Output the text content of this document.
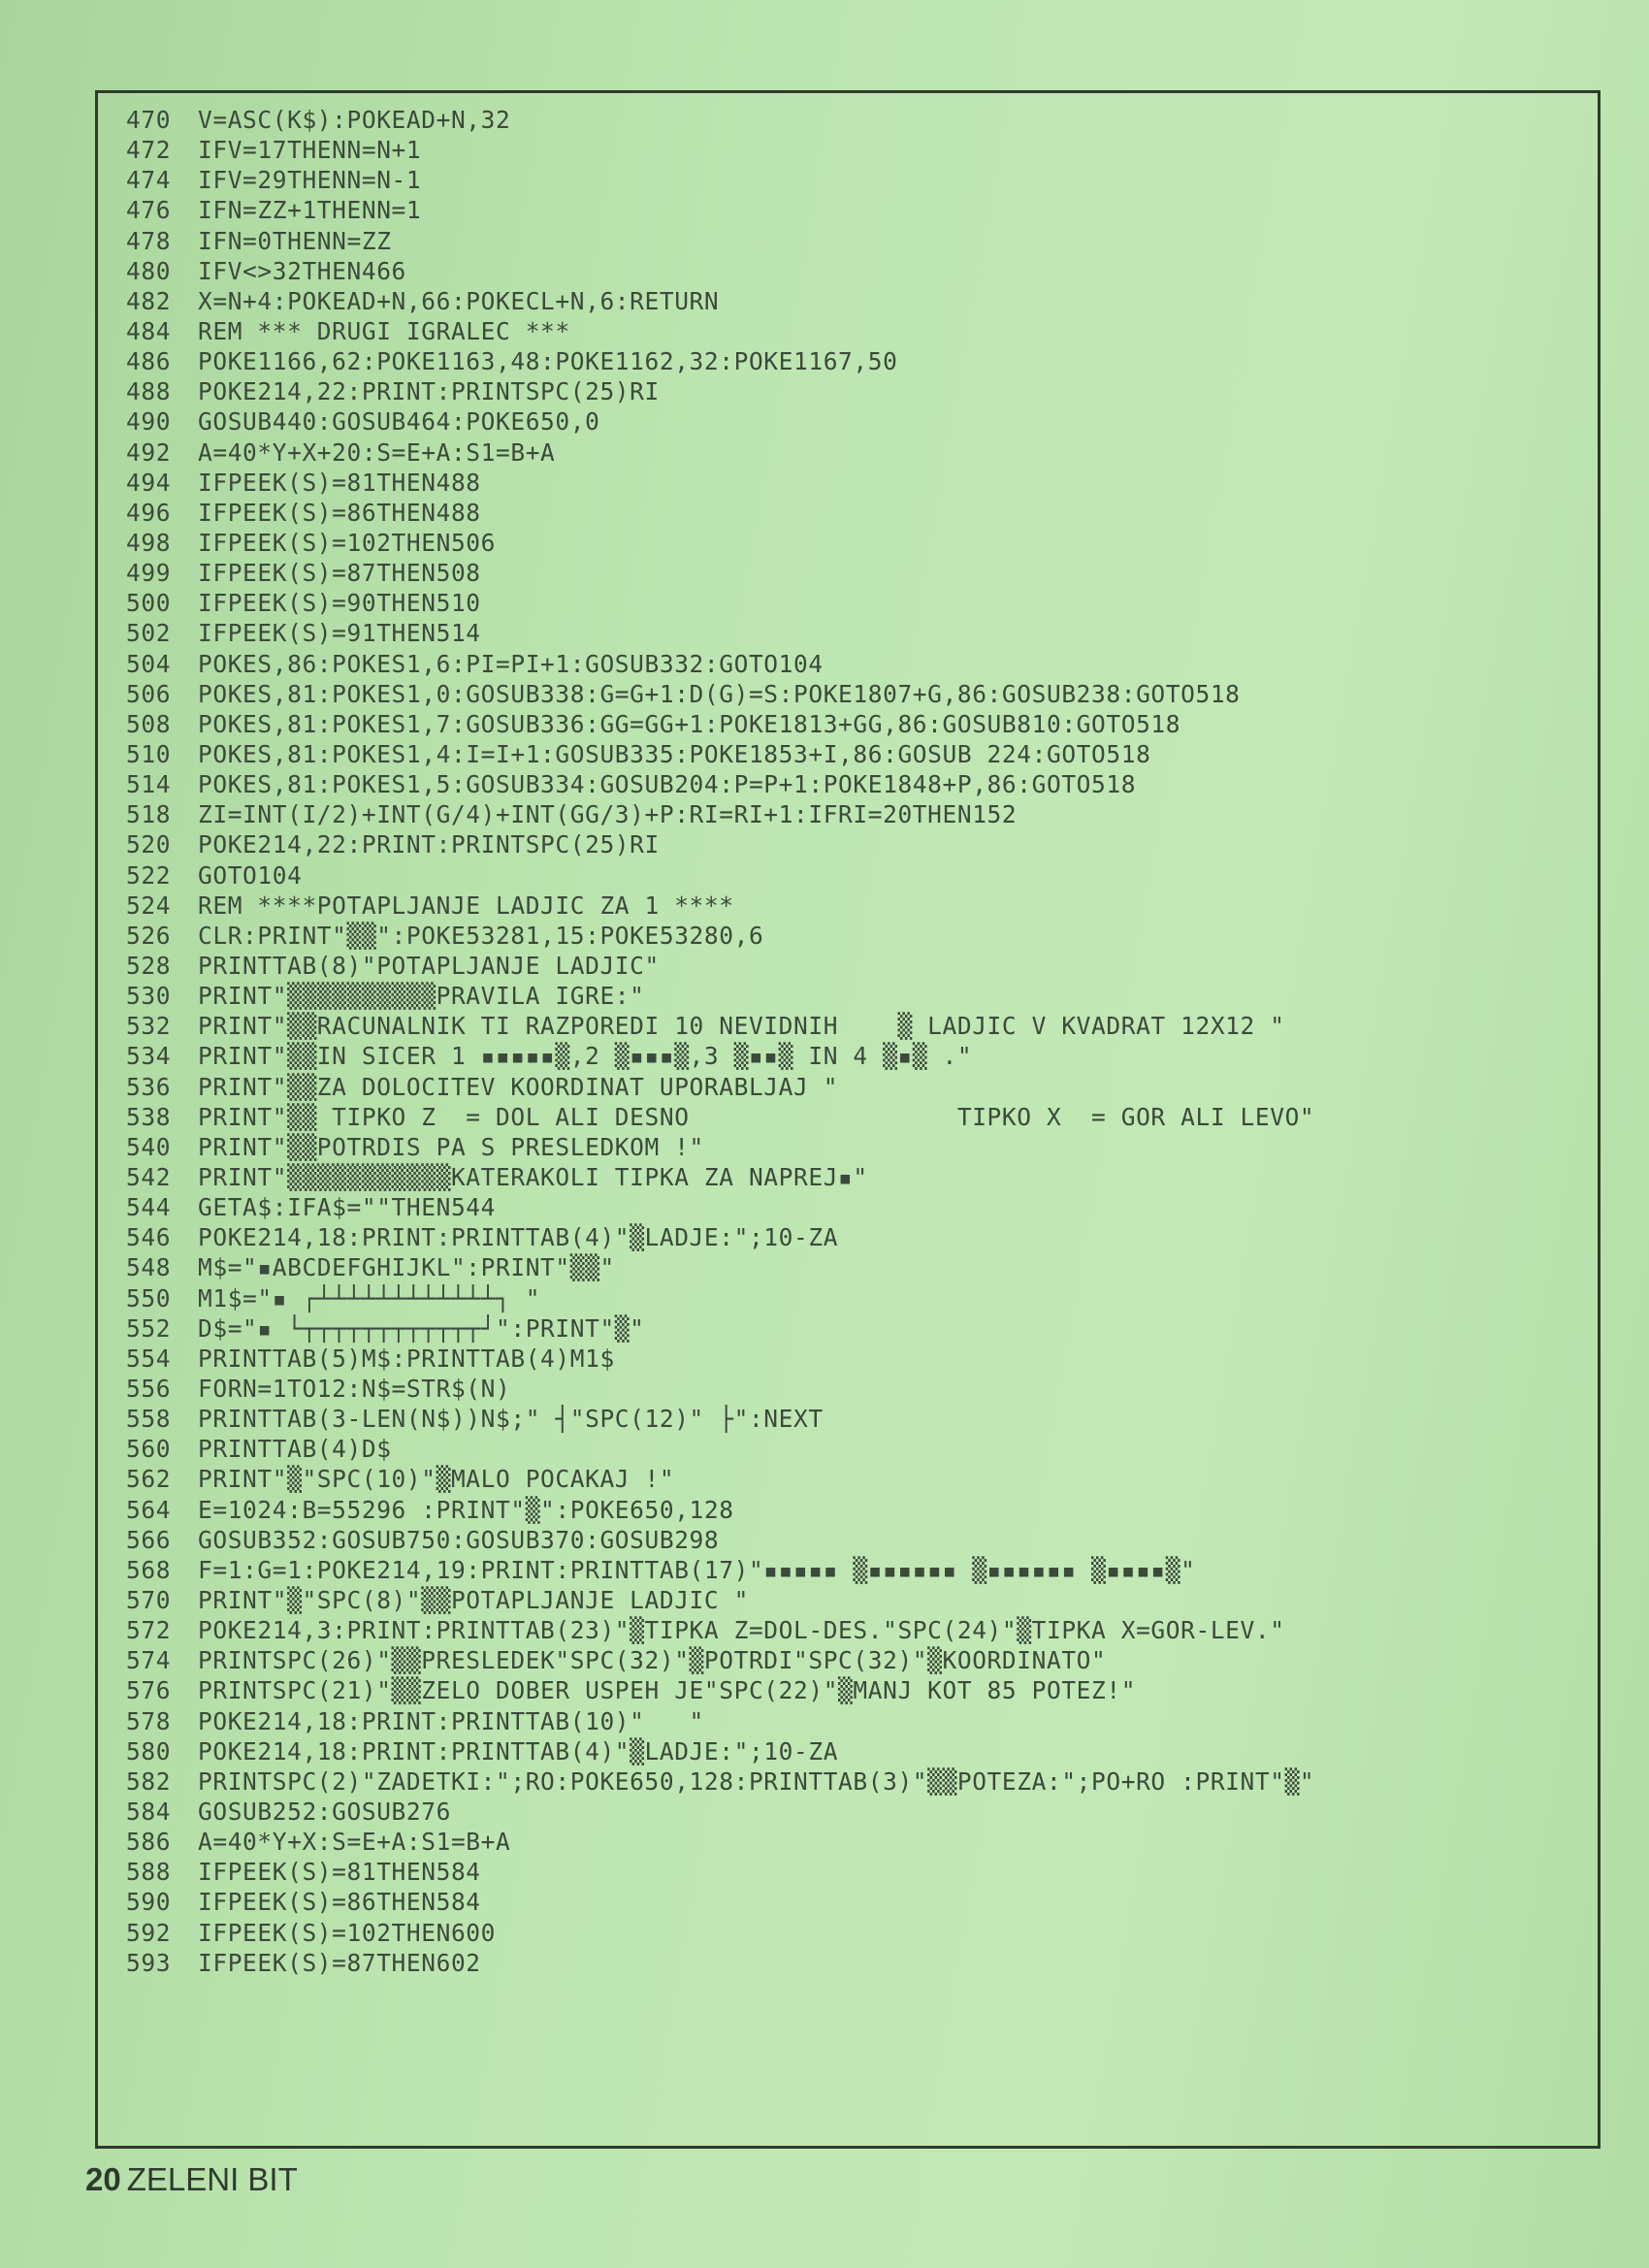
470	V=ASC(K$):POKEAD+N,32
472	IFV=17THENN=N+1
474	IFV=29THENN=N-1
476	IFN=ZZ+1THENN=1
478	IFN=0THENN=ZZ
480	IFV<>32THEN466
482	X=N+4:POKEAD+N,66:POKECL+N,6:RETURN
484	REM *** DRUGI IGRALEC ***
486	POKE1166,62:POKE1163,48:POKE1162,32:POKE1167,50
488	POKE214,22:PRINT:PRINTSPC(25)RI
490	GOSUB440:GOSUB464:POKE650,0
492	A=40*Y+X+20:S=E+A:S1=B+A
494	IFPEEK(S)=81THEN488
496	IFPEEK(S)=86THEN488
498	IFPEEK(S)=102THEN506
499	IFPEEK(S)=87THEN508
500	IFPEEK(S)=90THEN510
502	IFPEEK(S)=91THEN514
504	POKES,86:POKES1,6:PI=PI+1:GOSUB332:GOTO104
506	POKES,81:POKES1,0:GOSUB338:G=G+1:D(G)=S:POKE1807+G,86:GOSUB238:GOTO518
508	POKES,81:POKES1,7:GOSUB336:GG=GG+1:POKE1813+GG,86:GOSUB810:GOTO518
510	POKES,81:POKES1,4:I=I+1:GOSUB335:POKE1853+I,86:GOSUB 224:GOTO518
514	POKES,81:POKES1,5:GOSUB334:GOSUB204:P=P+1:POKE1848+P,86:GOTO518
518	ZI=INT(I/2)+INT(G/4)+INT(GG/3)+P:RI=RI+1:IFRI=20THEN152
520	POKE214,22:PRINT:PRINTSPC(25)RI
522	GOTO104
524	REM ****POTAPLJANJE LADJIC ZA 1 ****
526	CLR:PRINT"▒▒":POKE53281,15:POKE53280,6
528	PRINTTAB(8)"POTAPLJANJE LADJIC"
530	PRINT"▒▒▒▒▒▒▒▒▒▒PRAVILA IGRE:"
532	PRINT"▒▒RACUNALNIK TI RAZPOREDI 10 NEVIDNIH    ▒ LADJIC V KVADRAT 12X12 "
534	PRINT"▒▒IN SICER 1 ▪▪▪▪▪▒,2 ▒▪▪▪▒,3 ▒▪▪▒ IN 4 ▒▪▒ ."
536	PRINT"▒▒ZA DOLOCITEV KOORDINAT UPORABLJAJ "
538	PRINT"▒▒ TIPKO Z  = DOL ALI DESNO                  TIPKO X  = GOR ALI LEVO"
540	PRINT"▒▒POTRDIS PA S PRESLEDKOM !"
542	PRINT"▒▒▒▒▒▒▒▒▒▒▒KATERAKOLI TIPKA ZA NAPREJ▪"
544	GETA$:IFA$=""THEN544
546	POKE214,18:PRINT:PRINTTAB(4)"▒LADJE:";10-ZA
548	M$="▪ABCDEFGHIJKL":PRINT"▒▒"
550	M1$="▪ ┌┴┴┴┴┴┴┴┴┴┴┴┴┐ "
552	D$="▪ └┬┬┬┬┬┬┬┬┬┬┬┬┘":PRINT"▒"
554	PRINTTAB(5)M$:PRINTTAB(4)M1$
556	FORN=1TO12:N$=STR$(N)
558	PRINTTAB(3-LEN(N$))N$;" ┤"SPC(12)" ├":NEXT
560	PRINTTAB(4)D$
562	PRINT"▒"SPC(10)"▒MALO POCAKAJ !"
564	E=1024:B=55296 :PRINT"▒":POKE650,128
566	GOSUB352:GOSUB750:GOSUB370:GOSUB298
568	F=1:G=1:POKE214,19:PRINT:PRINTTAB(17)"▪▪▪▪▪ ▒▪▪▪▪▪▪ ▒▪▪▪▪▪▪ ▒▪▪▪▪▒"
570	PRINT"▒"SPC(8)"▒▒POTAPLJANJE LADJIC "
572	POKE214,3:PRINT:PRINTTAB(23)"▒TIPKA Z=DOL-DES."SPC(24)"▒TIPKA X=GOR-LEV."
574	PRINTSPC(26)"▒▒PRESLEDEK"SPC(32)"▒POTRDI"SPC(32)"▒KOORDINATO"
576	PRINTSPC(21)"▒▒ZELO DOBER USPEH JE"SPC(22)"▒MANJ KOT 85 POTEZ!"
578	POKE214,18:PRINT:PRINTTAB(10)"   "
580	POKE214,18:PRINT:PRINTTAB(4)"▒LADJE:";10-ZA
582	PRINTSPC(2)"ZADETKI:";RO:POKE650,128:PRINTTAB(3)"▒▒POTEZA:";PO+RO :PRINT"▒"
584	GOSUB252:GOSUB276
586	A=40*Y+X:S=E+A:S1=B+A
588	IFPEEK(S)=81THEN584
590	IFPEEK(S)=86THEN584
592	IFPEEK(S)=102THEN600
593	IFPEEK(S)=87THEN602
20 ZELENI BIT
